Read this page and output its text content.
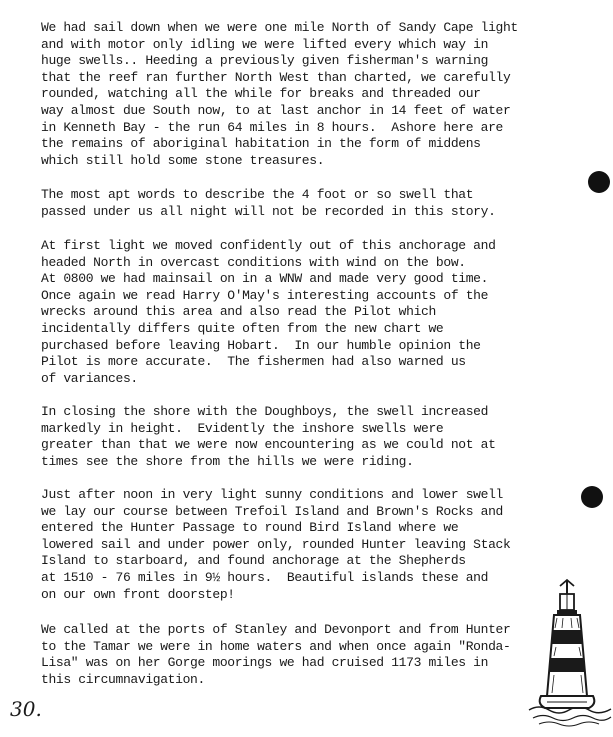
We had sail down when we were one mile North of Sandy Cape light
and with motor only idling we were lifted every which way in
huge swells.. Heeding a previously given fisherman's warning
that the reef ran further North West than charted, we carefully
rounded, watching all the while for breaks and threaded our
way almost due South now, to at last anchor in 14 feet of water
in Kenneth Bay - the run 64 miles in 8 hours.  Ashore here are
the remains of aboriginal habitation in the form of middens
which still hold some stone treasures.

The most apt words to describe the 4 foot or so swell that
passed under us all night will not be recorded in this story.

At first light we moved confidently out of this anchorage and
headed North in overcast conditions with wind on the bow.
At 0800 we had mainsail on in a WNW and made very good time.
Once again we read Harry O'May's interesting accounts of the
wrecks around this area and also read the Pilot which
incidentally differs quite often from the new chart we
purchased before leaving Hobart.  In our humble opinion the
Pilot is more accurate.  The fishermen had also warned us
of variances.

In closing the shore with the Doughboys, the swell increased
markedly in height.  Evidently the inshore swells were
greater than that we were now encountering as we could not at
times see the shore from the hills we were riding.

Just after noon in very light sunny conditions and lower swell
we lay our course between Trefoil Island and Brown's Rocks and
entered the Hunter Passage to round Bird Island where we
lowered sail and under power only, rounded Hunter leaving Stack
Island to starboard, and found anchorage at the Shepherds
at 1510 - 76 miles in 9½ hours.  Beautiful islands these and
on our own front doorstep!

We called at the ports of Stanley and Devonport and from Hunter
to the Tamar we were in home waters and when once again "Ronda-
Lisa" was on her Gorge moorings we had cruised 1173 miles in
this circumnavigation.

30.
